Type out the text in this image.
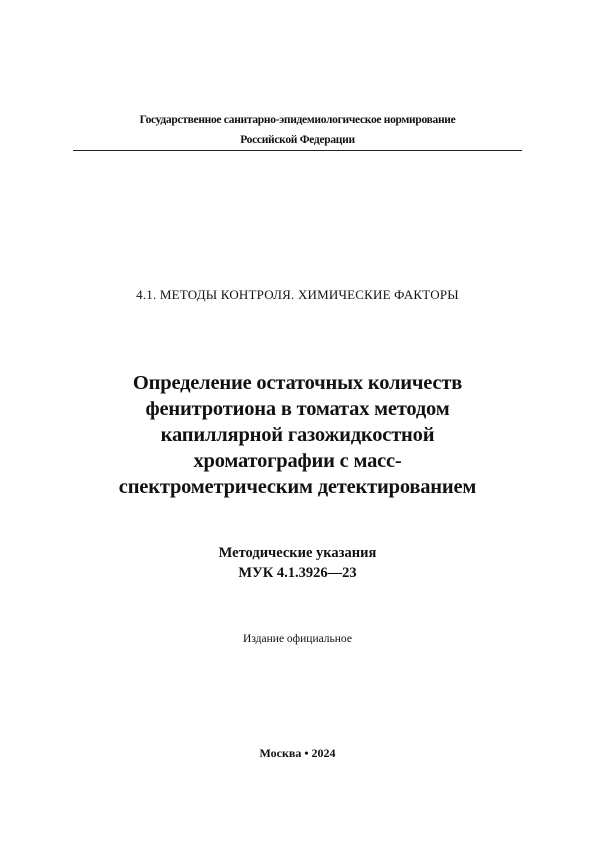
Государственное санитарно-эпидемиологическое нормирование
Российской Федерации
4.1. МЕТОДЫ КОНТРОЛЯ. ХИМИЧЕСКИЕ ФАКТОРЫ
Определение остаточных количеств
фенитротиона в томатах методом
капиллярной газожидкостной
хроматографии с масс-
спектрометрическим детектированием
Методические указания
МУК 4.1.3926—23
Издание официальное
Москва • 2024
